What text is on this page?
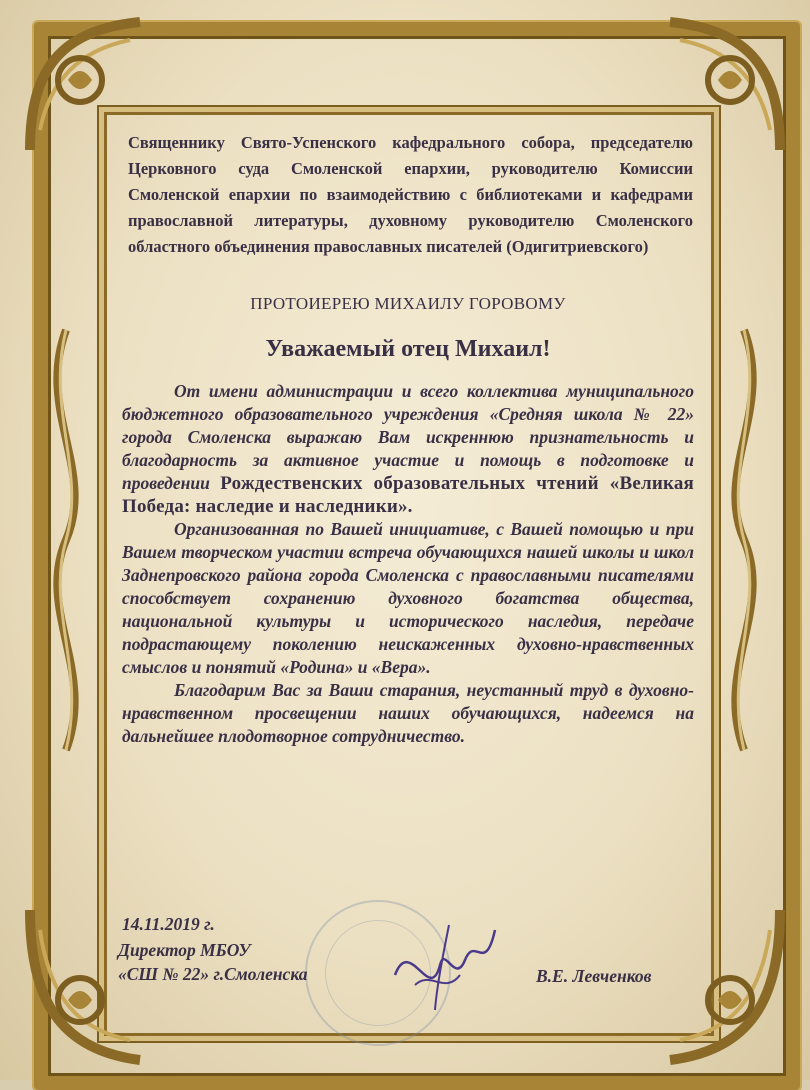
Священнику Свято-Успенского кафедрального собора, председателю Церковного суда Смоленской епархии, руководителю Комиссии Смоленской епархии по взаимодействию с библиотеками и кафедрами православной литературы, духовному руководителю Смоленского областного объединения православных писателей (Одигитриевского)
ПРОТОИЕРЕЮ МИХАИЛУ ГОРОВОМУ
Уважаемый отец Михаил!

От имени администрации и всего коллектива муниципального бюджетного образовательного учреждения «Средняя школа № 22» города Смоленска выражаю Вам искреннюю признательность и благодарность за активное участие и помощь в подготовке и проведении Рождественских образовательных чтений «Великая Победа: наследие и наследники».

Организованная по Вашей инициативе, с Вашей помощью и при Вашем творческом участии встреча обучающихся нашей школы и школ Заднепровского района города Смоленска с православными писателями способствует сохранению духовного богатства общества, национальной культуры и исторического наследия, передаче подрастающему поколению неискаженных духовно-нравственных смыслов и понятий «Родина» и «Вера».

Благодарим Вас за Ваши старания, неустанный труд в духовно-нравственном просвещении наших обучающихся, надеемся на дальнейшее плодотворное сотрудничество.

14.11.2019 г.
Директор МБОУ
«СШ № 22» г.Смоленска	В.Е. Левченков
